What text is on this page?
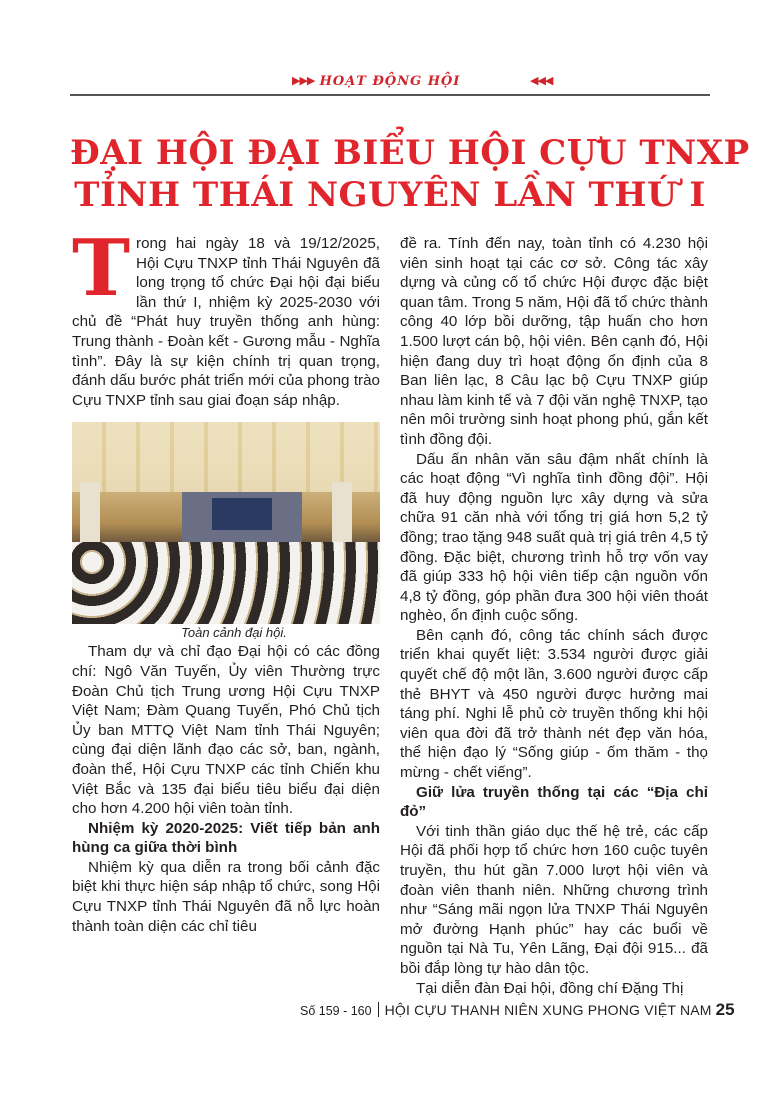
▶▶▶ HOẠT ĐỘNG HỘI	◀◀◀
ĐẠI HỘI ĐẠI BIỂU HỘI CỰU TNXP
TỈNH THÁI NGUYÊN LẦN THỨ I
T rong hai ngày 18 và 19/12/2025, Hội Cựu TNXP tỉnh Thái Nguyên đã long trọng tổ chức Đại hội đại biểu lần thứ I, nhiệm kỳ 2025-2030 với chủ đề “Phát huy truyền thống anh hùng: Trung thành - Đoàn kết - Gương mẫu - Nghĩa tình”. Đây là sự kiện chính trị quan trọng, đánh dấu bước phát triển mới của phong trào Cựu TNXP tỉnh sau giai đoạn sáp nhập.

Toàn cảnh đại hội.

Tham dự và chỉ đạo Đại hội có các đồng chí: Ngô Văn Tuyến, Ủy viên Thường trực Đoàn Chủ tịch Trung ương Hội Cựu TNXP Việt Nam; Đàm Quang Tuyến, Phó Chủ tịch Ủy ban MTTQ Việt Nam tỉnh Thái Nguyên; cùng đại diện lãnh đạo các sở, ban, ngành, đoàn thể, Hội Cựu TNXP các tỉnh Chiến khu Việt Bắc và 135 đại biểu tiêu biểu đại diện cho hơn 4.200 hội viên toàn tỉnh.

Nhiệm kỳ 2020-2025: Viết tiếp bản anh hùng ca giữa thời bình

Nhiệm kỳ qua diễn ra trong bối cảnh đặc biệt khi thực hiện sáp nhập tổ chức, song Hội Cựu TNXP tỉnh Thái Nguyên đã nỗ lực hoàn thành toàn diện các chỉ tiêu

đề ra. Tính đến nay, toàn tỉnh có 4.230 hội viên sinh hoạt tại các cơ sở. Công tác xây dựng và củng cố tổ chức Hội được đặc biệt quan tâm. Trong 5 năm, Hội đã tổ chức thành công 40 lớp bồi dưỡng, tập huấn cho hơn 1.500 lượt cán bộ, hội viên. Bên cạnh đó, Hội hiện đang duy trì hoạt động ổn định của 8 Ban liên lạc, 8 Câu lạc bộ Cựu TNXP giúp nhau làm kinh tế và 7 đội văn nghệ TNXP, tạo nên môi trường sinh hoạt phong phú, gắn kết tình đồng đội.

Dấu ấn nhân văn sâu đậm nhất chính là các hoạt động “Vì nghĩa tình đồng đội”. Hội đã huy động nguồn lực xây dựng và sửa chữa 91 căn nhà với tổng trị giá hơn 5,2 tỷ đồng; trao tặng 948 suất quà trị giá trên 4,5 tỷ đồng. Đặc biệt, chương trình hỗ trợ vốn vay đã giúp 333 hộ hội viên tiếp cận nguồn vốn 4,8 tỷ đồng, góp phần đưa 300 hội viên thoát nghèo, ổn định cuộc sống.

Bên cạnh đó, công tác chính sách được triển khai quyết liệt: 3.534 người được giải quyết chế độ một lần, 3.600 người được cấp thẻ BHYT và 450 người được hưởng mai táng phí. Nghi lễ phủ cờ truyền thống khi hội viên qua đời đã trở thành nét đẹp văn hóa, thể hiện đạo lý “Sống giúp - ốm thăm - thọ mừng - chết viếng”.

Giữ lửa truyền thống tại các “Địa chỉ đỏ”

Với tinh thần giáo dục thế hệ trẻ, các cấp Hội đã phối hợp tổ chức hơn 160 cuộc tuyên truyền, thu hút gần 7.000 lượt hội viên và đoàn viên thanh niên. Những chương trình như “Sáng mãi ngọn lửa TNXP Thái Nguyên mở đường Hạnh phúc” hay các buổi về nguồn tại Nà Tu, Yên Lãng, Đại đội 915... đã bồi đắp lòng tự hào dân tộc.

Tại diễn đàn Đại hội, đồng chí Đặng Thị

Số 159 - 160 HỘI CỰU THANH NIÊN XUNG PHONG VIỆT NAM 25
